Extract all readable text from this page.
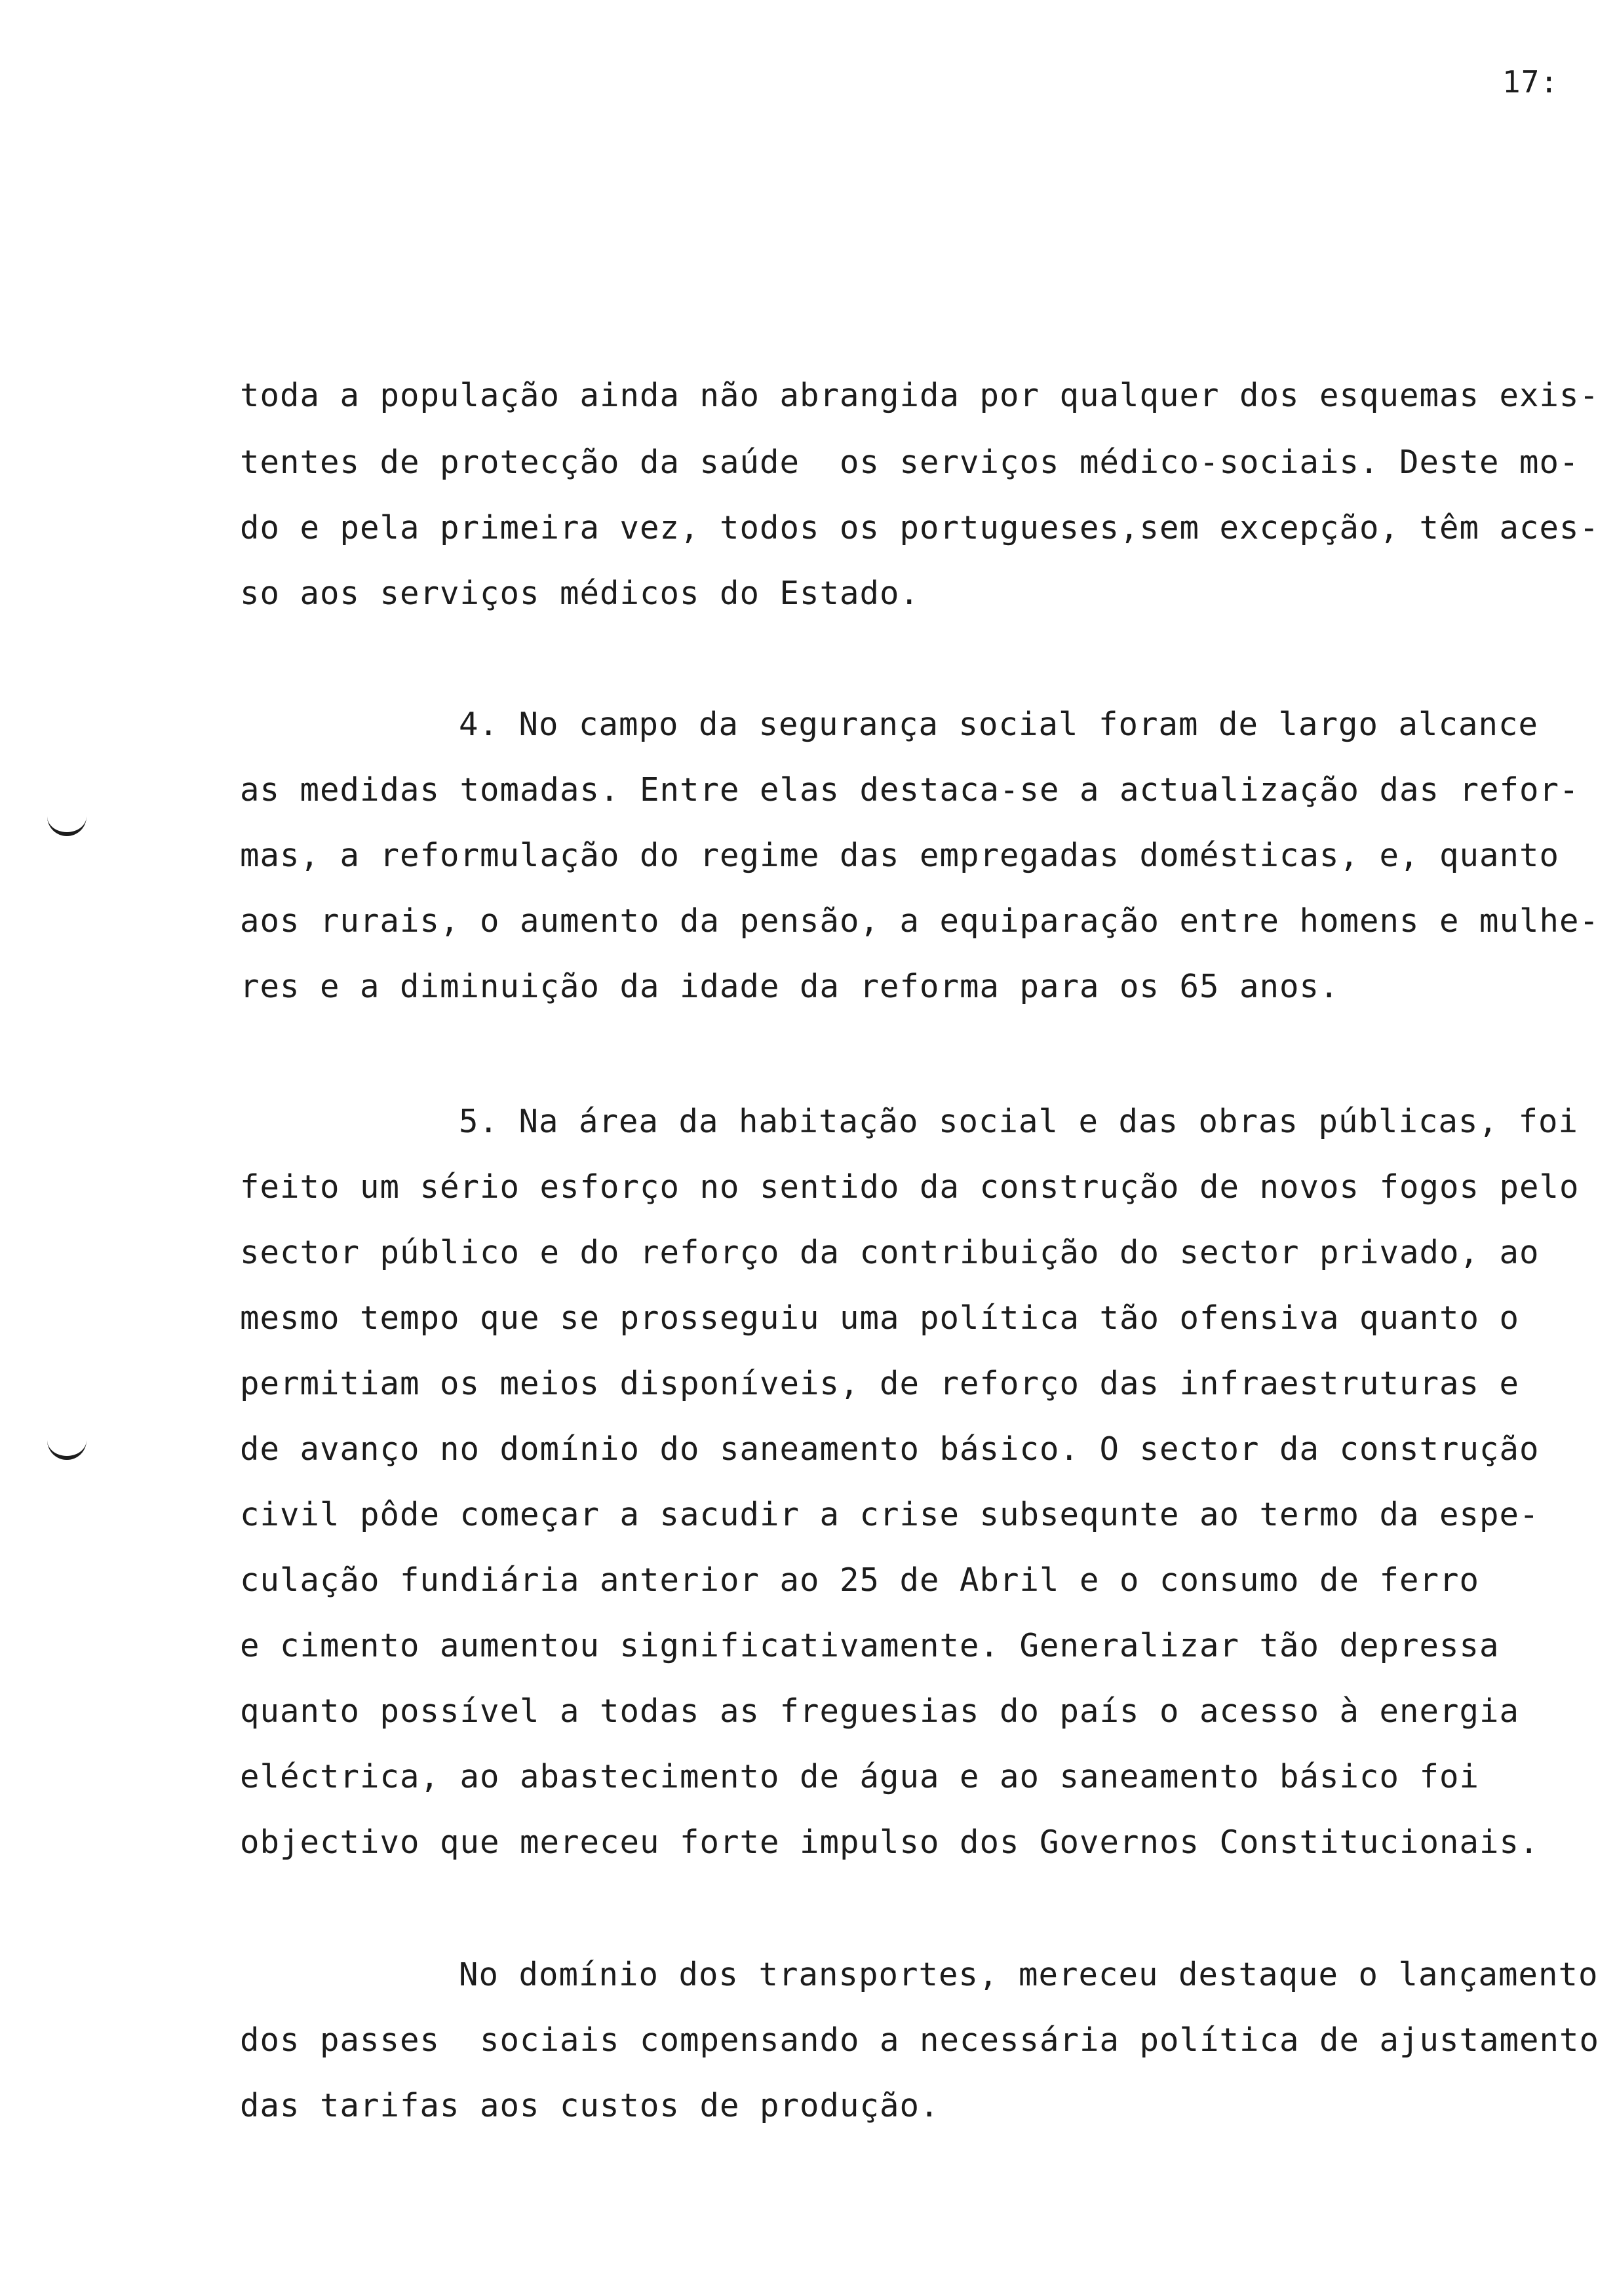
17:
toda a população ainda não abrangida por qualquer dos esquemas exis-
tentes de protecção da saúde  os serviços médico-sociais. Deste mo-
do e pela primeira vez, todos os portugueses,sem excepção, têm aces-
so aos serviços médicos do Estado.
4. No campo da segurança social foram de largo alcance
as medidas tomadas. Entre elas destaca-se a actualização das refor-
mas, a reformulação do regime das empregadas domésticas, e, quanto
aos rurais, o aumento da pensão, a equiparação entre homens e mulhe-
res e a diminuição da idade da reforma para os 65 anos.
5. Na área da habitação social e das obras públicas, foi
feito um sério esforço no sentido da construção de novos fogos pelo
sector público e do reforço da contribuição do sector privado, ao
mesmo tempo que se prosseguiu uma política tão ofensiva quanto o
permitiam os meios disponíveis, de reforço das infraestruturas e
de avanço no domínio do saneamento básico. O sector da construção
civil pôde começar a sacudir a crise subsequnte ao termo da espe-
culação fundiária anterior ao 25 de Abril e o consumo de ferro
e cimento aumentou significativamente. Generalizar tão depressa
quanto possível a todas as freguesias do país o acesso à energia
eléctrica, ao abastecimento de água e ao saneamento básico foi
objectivo que mereceu forte impulso dos Governos Constitucionais.
No domínio dos transportes, mereceu destaque o lançamento
dos passes  sociais compensando a necessária política de ajustamento
das tarifas aos custos de produção.
